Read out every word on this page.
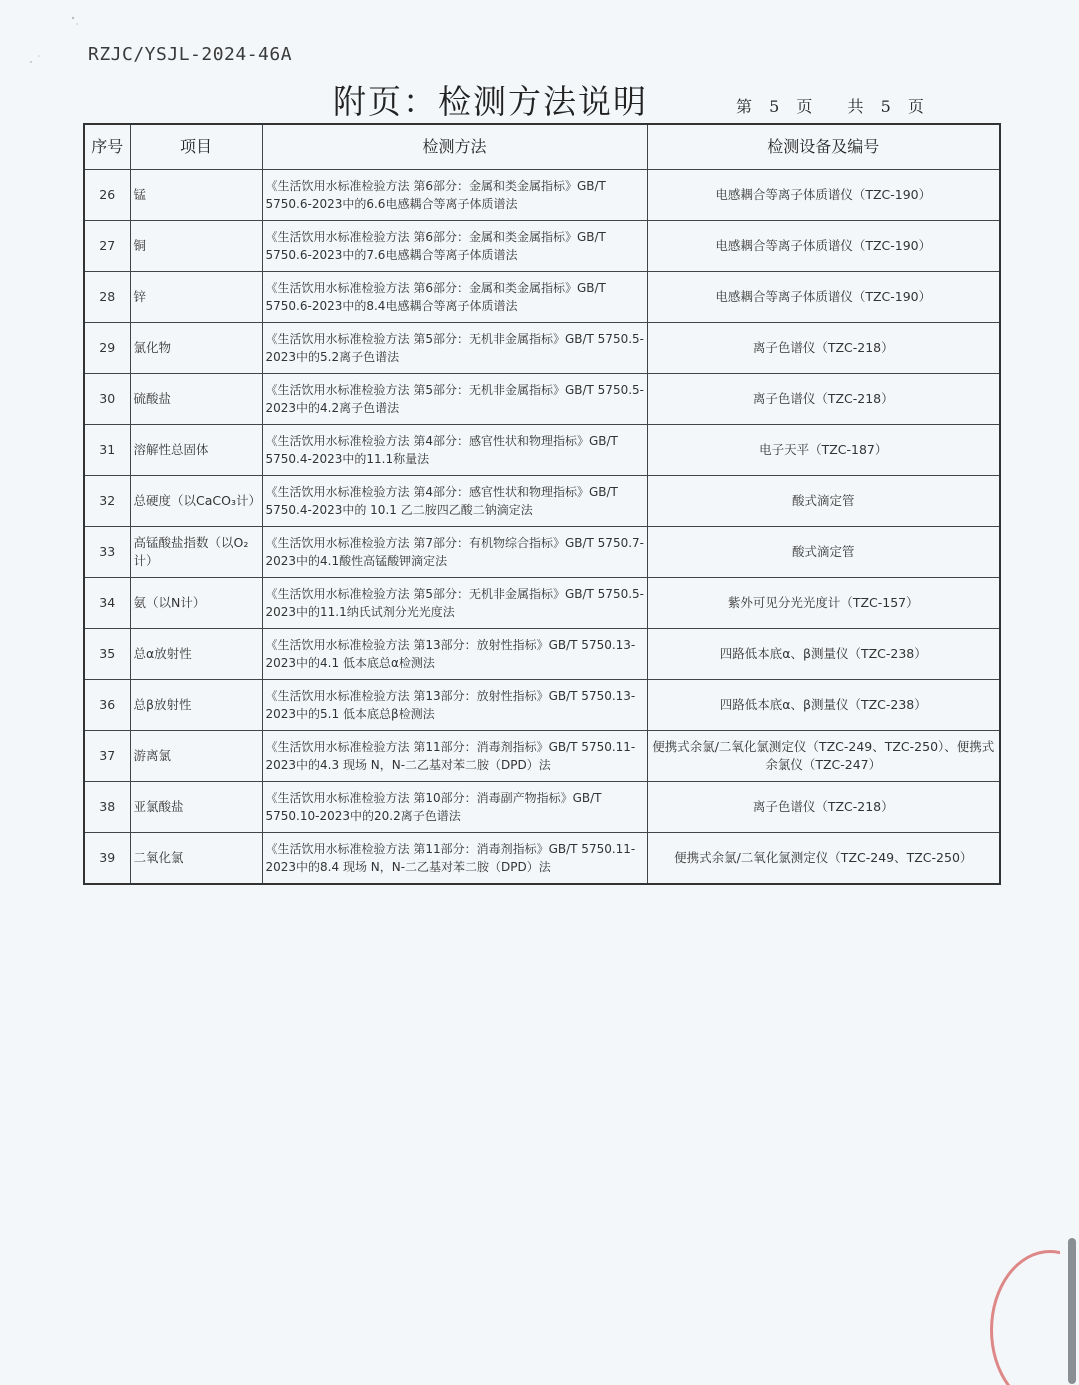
RZJC/YSJL-2024-46A
附页：检测方法说明	第 5 页 共 5 页
序号	项目	检测方法	检测设备及编号
26	锰	《生活饮用水标准检验方法 第6部分：金属和类金属指标》GB/T 5750.6-2023中的6.6电感耦合等离子体质谱法	电感耦合等离子体质谱仪（TZC-190）
27	铜	《生活饮用水标准检验方法 第6部分：金属和类金属指标》GB/T 5750.6-2023中的7.6电感耦合等离子体质谱法	电感耦合等离子体质谱仪（TZC-190）
28	锌	《生活饮用水标准检验方法 第6部分：金属和类金属指标》GB/T 5750.6-2023中的8.4电感耦合等离子体质谱法	电感耦合等离子体质谱仪（TZC-190）
29	氯化物	《生活饮用水标准检验方法 第5部分：无机非金属指标》GB/T 5750.5-2023中的5.2离子色谱法	离子色谱仪（TZC-218）
30	硫酸盐	《生活饮用水标准检验方法 第5部分：无机非金属指标》GB/T 5750.5-2023中的4.2离子色谱法	离子色谱仪（TZC-218）
31	溶解性总固体	《生活饮用水标准检验方法 第4部分：感官性状和物理指标》GB/T 5750.4-2023中的11.1称量法	电子天平（TZC-187）
32	总硬度（以CaCO₃计）	《生活饮用水标准检验方法 第4部分：感官性状和物理指标》GB/T 5750.4-2023中的 10.1 乙二胺四乙酸二钠滴定法	酸式滴定管
33	高锰酸盐指数（以O₂计）	《生活饮用水标准检验方法 第7部分：有机物综合指标》GB/T 5750.7-2023中的4.1酸性高锰酸钾滴定法	酸式滴定管
34	氨（以N计）	《生活饮用水标准检验方法 第5部分：无机非金属指标》GB/T 5750.5-2023中的11.1纳氏试剂分光光度法	紫外可见分光光度计（TZC-157）
35	总α放射性	《生活饮用水标准检验方法 第13部分：放射性指标》GB/T 5750.13-2023中的4.1 低本底总α检测法	四路低本底α、β测量仪（TZC-238）
36	总β放射性	《生活饮用水标准检验方法 第13部分：放射性指标》GB/T 5750.13-2023中的5.1 低本底总β检测法	四路低本底α、β测量仪（TZC-238）
37	游离氯	《生活饮用水标准检验方法 第11部分：消毒剂指标》GB/T 5750.11-2023中的4.3 现场 N，N-二乙基对苯二胺（DPD）法	便携式余氯/二氧化氯测定仪（TZC-249、TZC-250）、便携式余氯仪（TZC-247）
38	亚氯酸盐	《生活饮用水标准检验方法 第10部分：消毒副产物指标》GB/T 5750.10-2023中的20.2离子色谱法	离子色谱仪（TZC-218）
39	二氧化氯	《生活饮用水标准检验方法 第11部分：消毒剂指标》GB/T 5750.11-2023中的8.4 现场 N，N-二乙基对苯二胺（DPD）法	便携式余氯/二氧化氯测定仪（TZC-249、TZC-250）
